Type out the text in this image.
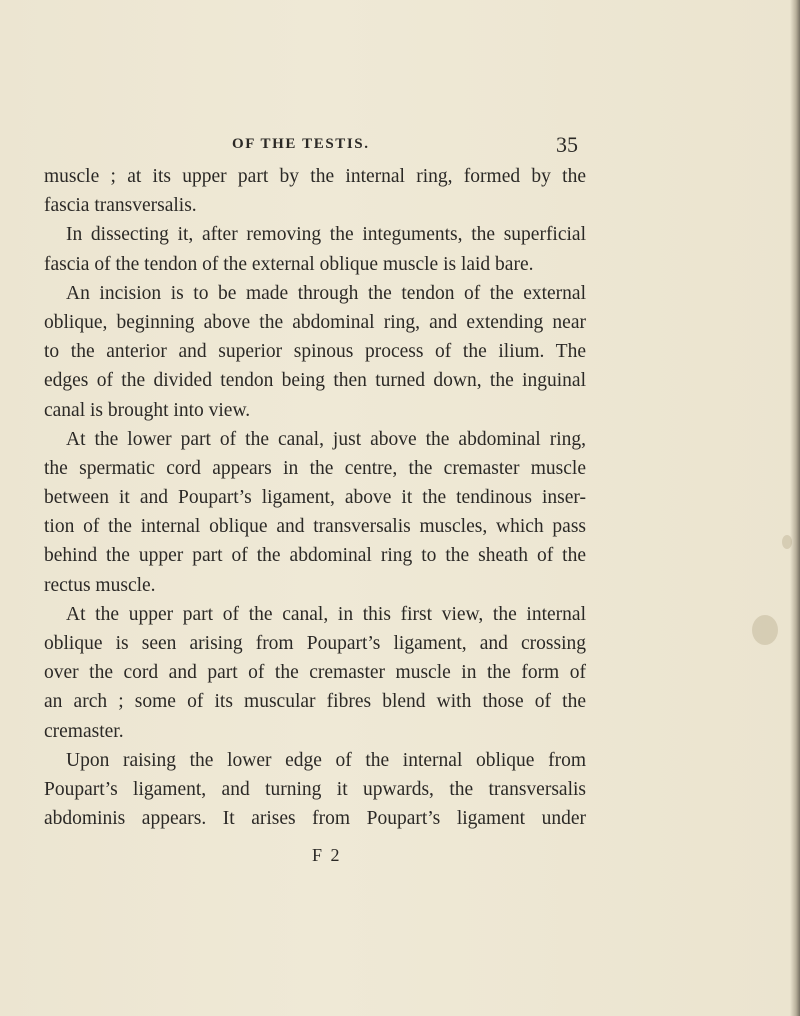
OF THE TESTIS.	35
muscle ; at its upper part by the internal ring, formed by the
fascia transversalis.
In dissecting it, after removing the integuments, the superficial
fascia of the tendon of the external oblique muscle is laid bare.
An incision is to be made through the tendon of the external
oblique, beginning above the abdominal ring, and extending near
to the anterior and superior spinous process of the ilium. The
edges of the divided tendon being then turned down, the inguinal
canal is brought into view.
At the lower part of the canal, just above the abdominal ring,
the spermatic cord appears in the centre, the cremaster muscle
between it and Poupart’s ligament, above it the tendinous inser-
tion of the internal oblique and transversalis muscles, which pass
behind the upper part of the abdominal ring to the sheath of the
rectus muscle.
At the upper part of the canal, in this first view, the internal
oblique is seen arising from Poupart’s ligament, and crossing
over the cord and part of the cremaster muscle in the form of
an arch ; some of its muscular fibres blend with those of the
cremaster.
Upon raising the lower edge of the internal oblique from
Poupart’s ligament, and turning it upwards, the transversalis
abdominis appears. It arises from Poupart’s ligament under
F 2
